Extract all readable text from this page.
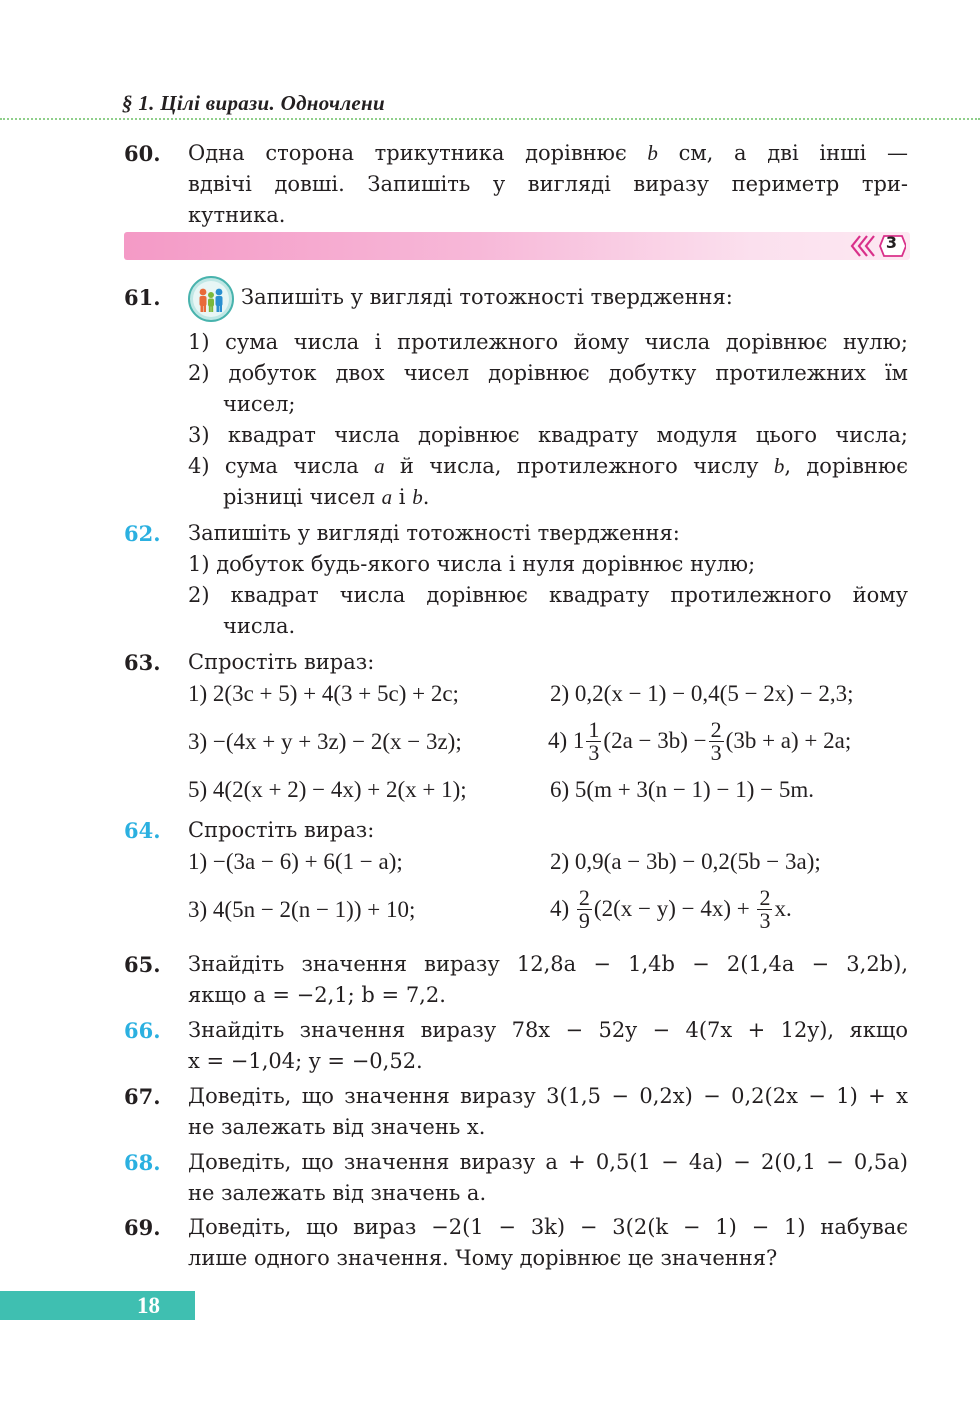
§ 1. Цілі вирази. Одночлени
60.	Одна сторона трикутника дорівнює b см, а дві інші —
вдвічі довші. Запишіть у вигляді виразу периметр три-
кутника.
3
61.	Запишіть у вигляді тотожності твердження:
1) сума числа і протилежного йому числа дорівнює нулю;
2) добуток двох чисел дорівнює добутку протилежних їм
чисел;
3) квадрат числа дорівнює квадрату модуля цього числа;
4) сума числа a й числа, протилежного числу b, дорівнює
різниці чисел a і b.
62.	Запишіть у вигляді тотожності твердження:
1) добуток будь-якого числа і нуля дорівнює нулю;
2) квадрат числа дорівнює квадрату протилежного йому
числа.
63.	Спростіть вираз:
1) 2(3c + 5) + 4(3 + 5c) + 2c;	2) 0,2(x − 1) − 0,4(5 − 2x) − 2,3;
3) −(4x + y + 3z) − 2(x − 3z);	4)
$1 \frac{1}{3} (2a - 3b) - \frac{2}{3} (3b + a) + 2a$;
5) 4(2(x + 2) − 4x) + 2(x + 1);	6) 5(m + 3(n − 1) − 1) − 5m.
64.	Спростіть вираз:
1) −(3a − 6) + 6(1 − a);	2) 0,9(a − 3b) − 0,2(5b − 3a);
3) 4(5n − 2(n − 1)) + 10;	4)
$\frac{2}{9} (2(x - y) - 4x)$ +
$\frac{2}{3} x$.
65.	Знайдіть значення виразу 12,8a − 1,4b − 2(1,4a − 3,2b),
якщо a = −2,1; b = 7,2.
66.	Знайдіть значення виразу 78x − 52y − 4(7x + 12y), якщо
x = −1,04; y = −0,52.
67.	Доведіть, що значення виразу 3(1,5 − 0,2x) − 0,2(2x − 1) + x
не залежать від значень x.
68.	Доведіть, що значення виразу a + 0,5(1 − 4a) − 2(0,1 − 0,5a)
не залежать від значень a.
69.	Доведіть, що вираз −2(1 − 3k) − 3(2(k − 1) − 1) набуває
лише одного значення. Чому дорівнює це значення?
18
